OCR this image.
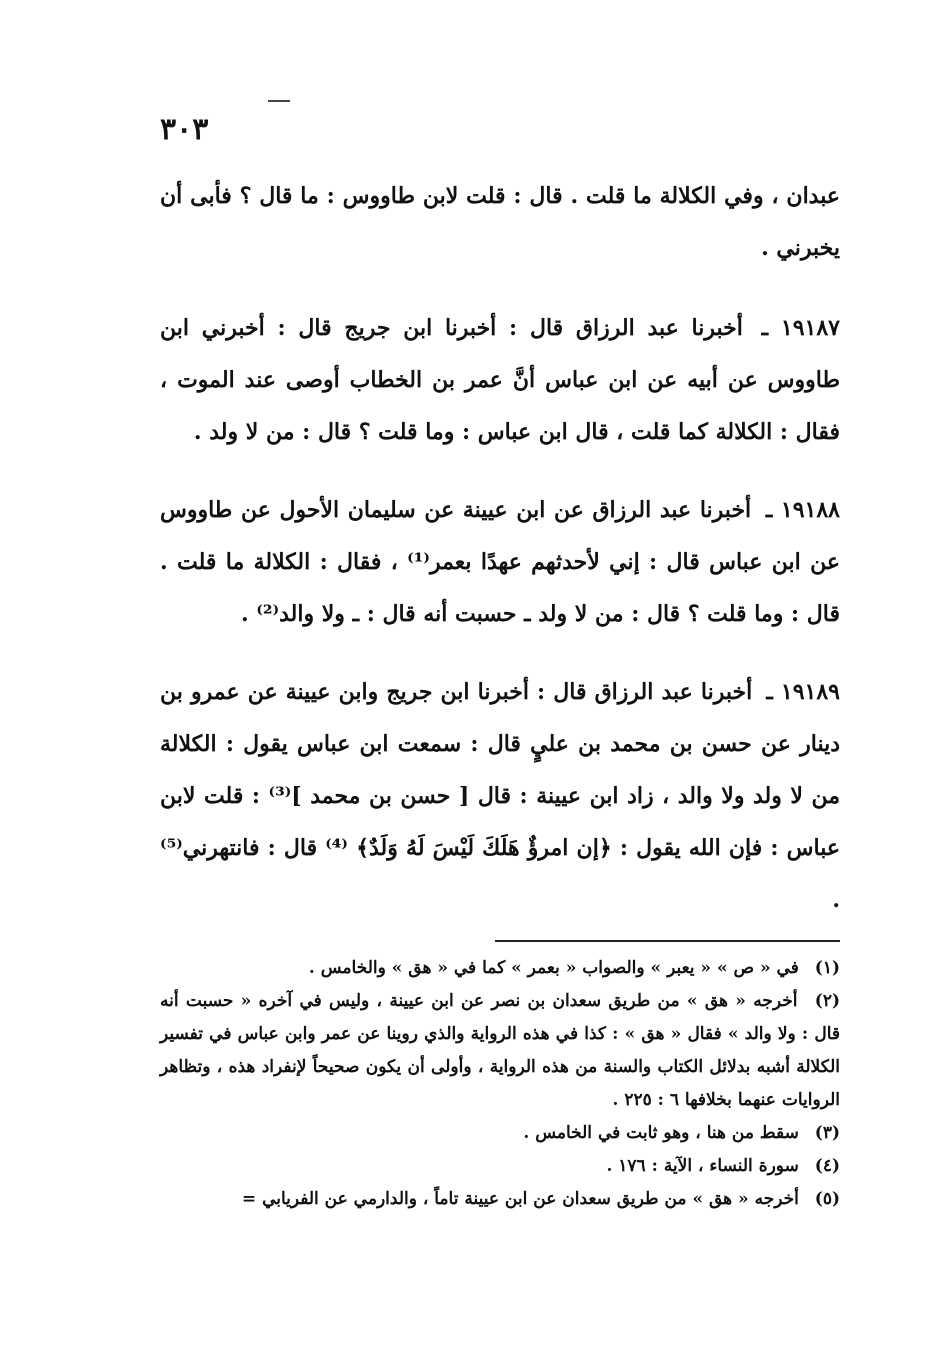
٣٠٣

عبدان ، وفي الكلالة ما قلت . قال : قلت لابن طاووس : ما قال ؟ فأبى أن يخبرني .

١٩١٨٧ ـ أخبرنا عبد الرزاق قال : أخبرنا ابن جريج قال : أخبرني ابن طاووس عن أبيه عن ابن عباس أنَّ عمر بن الخطاب أوصى عند الموت ، فقال : الكلالة كما قلت ، قال ابن عباس : وما قلت ؟ قال : من لا ولد .

١٩١٨٨ ـ أخبرنا عبد الرزاق عن ابن عيينة عن سليمان الأحول عن طاووس عن ابن عباس قال : إني لأحدثهم عهدًا بعمر⁽¹⁾ ، فقال : الكلالة ما قلت . قال : وما قلت ؟ قال : من لا ولد ـ حسبت أنه قال : ـ ولا والد⁽²⁾ .

١٩١٨٩ ـ أخبرنا عبد الرزاق قال : أخبرنا ابن جريج وابن عيينة عن عمرو بن دينار عن حسن بن محمد بن عليٍ قال : سمعت ابن عباس يقول : الكلالة من لا ولد ولا والد ، زاد ابن عيينة : قال [ حسن بن محمد ]⁽³⁾ : قلت لابن عباس : فإن الله يقول : ﴿إن امرؤٌ هَلَكَ لَيْسَ لَهُ وَلَدٌ﴾ ⁽⁴⁾ قال : فانتهرني⁽⁵⁾ .

(١) في « ص » « يعبر » والصواب « بعمر » كما في « هق » والخامس .

(٢) أخرجه « هق » من طريق سعدان بن نصر عن ابن عيينة ، وليس في آخره « حسبت أنه قال : ولا والد » فقال « هق » : كذا في هذه الرواية والذي روينا عن عمر وابن عباس في تفسير الكلالة أشبه بدلائل الكتاب والسنة من هذه الرواية ، وأولى أن يكون صحيحاً لإنفراد هذه ، وتظاهر الروايات عنهما بخلافها ٦ : ٢٢٥ .

(٣) سقط من هنا ، وهو ثابت في الخامس .

(٤) سورة النساء ، الآية : ١٧٦ .

(٥) أخرجه « هق » من طريق سعدان عن ابن عيينة تاماً ، والدارمي عن الفريابي =
